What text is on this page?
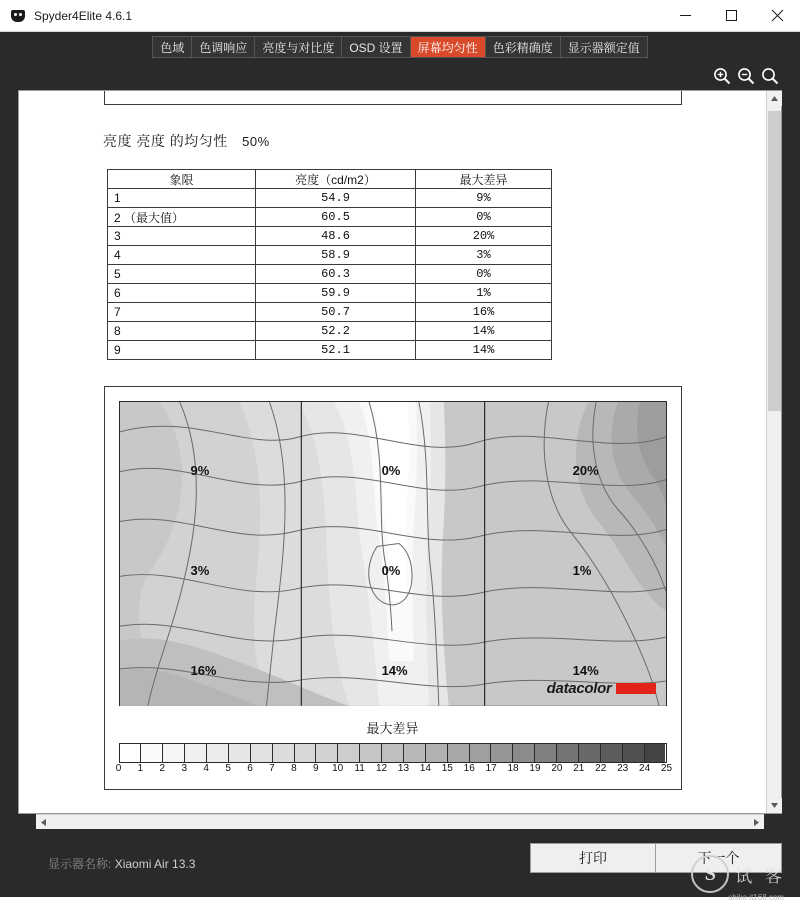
Spyder4Elite 4.6.1
色域	色调响应	亮度与对比度	OSD 设置	屏幕均匀性	色彩精确度	显示器额定值
亮度 亮度 的均匀性 50%
象限	亮度（cd/m2）	最大差异
1	54.9	9%
2 （最大值）	60.5	0%
3	48.6	20%
4	58.9	3%
5	60.3	0%
6	59.9	1%
7	50.7	16%
8	52.2	14%
9	52.1	14%
9%	0%	20%
3%	0%	1%
16%	14%	14%
datacolor
最大差异
0 1 2 3 4 5 6 7 8 9 10 11 12 13 14 15 16 17 18 19 20 21 22 23 24 25
显示器名称: Xiaomi Air 13.3	打印	下一个
S	试 客
shike.it168.com
